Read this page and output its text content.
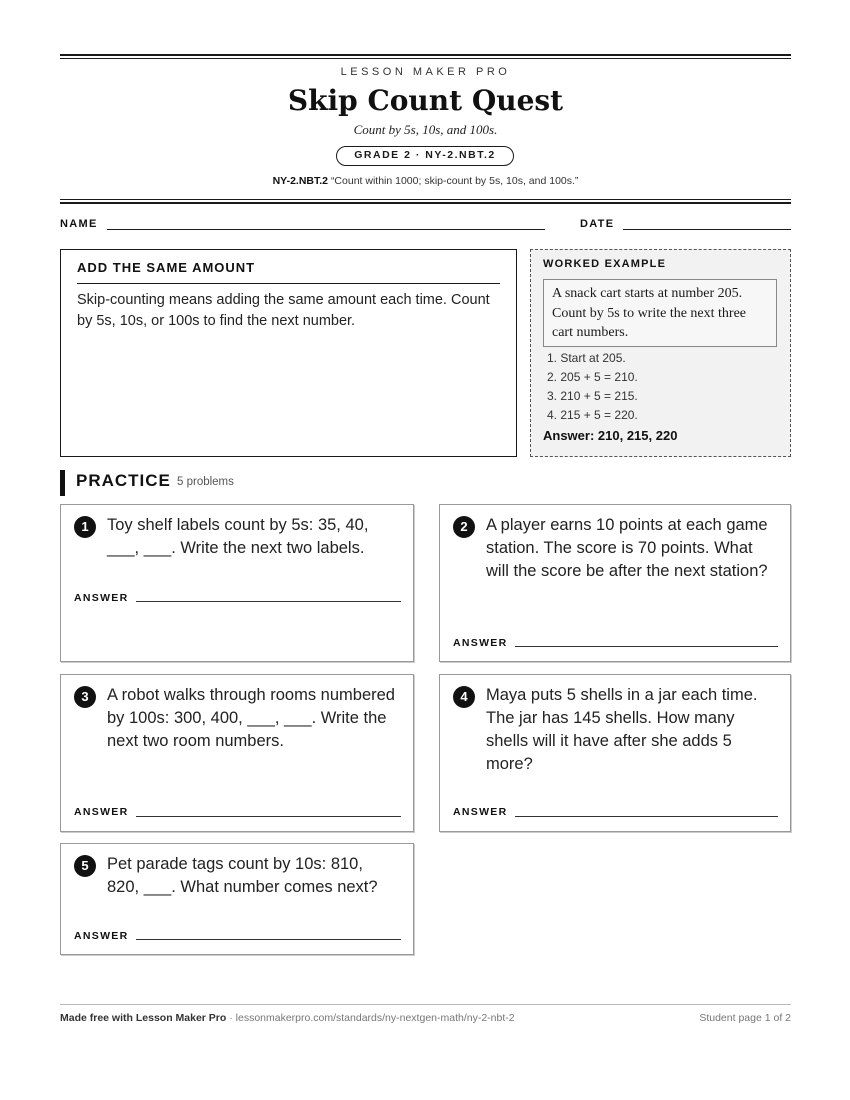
LESSON MAKER PRO
Skip Count Quest
Count by 5s, 10s, and 100s.
GRADE 2 · NY-2.NBT.2
NY-2.NBT.2 “Count within 1000; skip-count by 5s, 10s, and 100s.”
NAME	DATE
ADD THE SAME AMOUNT
Skip-counting means adding the same amount each time. Count by 5s, 10s, or 100s to find the next number.
WORKED EXAMPLE
A snack cart starts at number 205. Count by 5s to write the next three cart numbers.
1. Start at 205.
2. 205 + 5 = 210.
3. 210 + 5 = 215.
4. 215 + 5 = 220.
Answer: 210, 215, 220
PRACTICE 5 problems
1	Toy shelf labels count by 5s: 35, 40, ___, ___. Write the next two labels.
ANSWER
2	A player earns 10 points at each game station. The score is 70 points. What will the score be after the next station?
ANSWER
3	A robot walks through rooms numbered by 100s: 300, 400, ___, ___. Write the next two room numbers.
ANSWER
4	Maya puts 5 shells in a jar each time. The jar has 145 shells. How many shells will it have after she adds 5 more?
ANSWER
5	Pet parade tags count by 10s: 810, 820, ___. What number comes next?
ANSWER
Made free with Lesson Maker Pro · lessonmakerpro.com/standards/ny-nextgen-math/ny-2-nbt-2	Student page 1 of 2
